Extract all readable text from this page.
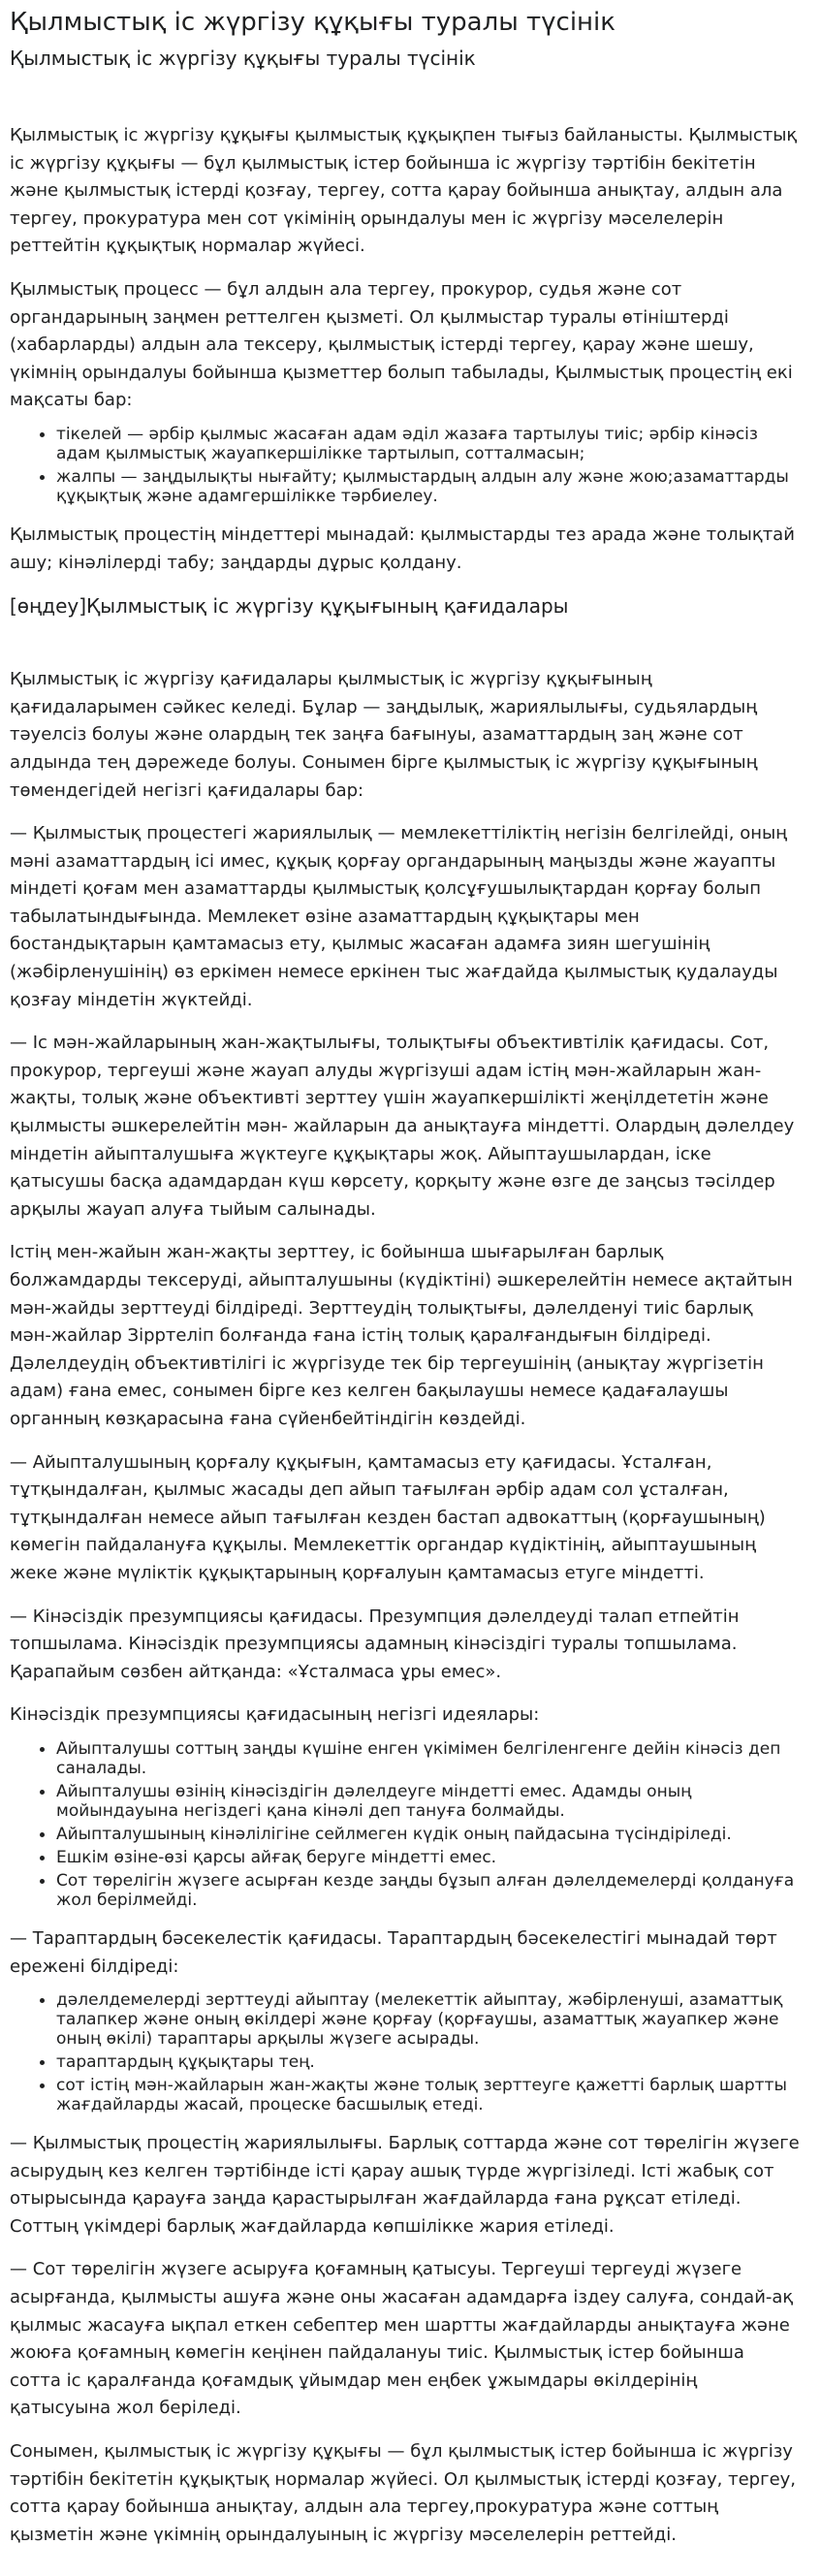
Қылмыстық іс жүргізу құқығы туралы түсінік
Қылмыстық іс жүргізу құқығы туралы түсінік

Қылмыстық іс жүргізу құқығы қылмыстық құқықпен тығыз байланысты. Қылмыстық іс жүргізу құқығы — бұл қылмыстық істер бойынша іс жүргізу тәртібін бекітетін және қылмыстық істерді қозғау, тергеу, сотта қарау бойынша анықтау, алдын ала тергеу, прокуратура мен сот үкімінің орындалуы мен іс жүргізу мәселелерін реттейтін құқықтық нормалар жүйесі.

Қылмыстық процесс — бұл алдын ала тергеу, прокурор, судья және сот органдарының заңмен реттелген қызметі. Ол қылмыстар туралы өтініштерді (хабарларды) алдын ала тексеру, қылмыстық істерді тергеу, қарау және шешу, үкімнің орындалуы бойынша қызметтер болып табылады, Қылмыстық процестің екі мақсаты бар:

• тікелей — әрбір қылмыс жасаған адам әділ жазаға тартылуы тиіс; әрбір кінәсіз адам қылмыстық жауапкершілікке тартылып, сотталмасын;
• жалпы — заңдылықты нығайту; қылмыстардың алдын алу және жою;азаматтарды құқықтық және адамгершілікке тәрбиелеу.

Қылмыстық процестің міндеттері мынадай: қылмыстарды тез арада және толықтай ашу; кінәлілерді табу; заңдарды дұрыс қолдану.

[өңдеу]Қылмыстық іс жүргізу құқығының қағидалары

Қылмыстық іс жүргізу қағидалары қылмыстық іс жүргізу құқығының қағидаларымен сәйкес келеді. Бұлар — заңдылық, жариялылығы, судьялардың тәуелсіз болуы және олардың тек заңға бағынуы, азаматтардың заң және сот алдында тең дәрежеде болуы. Сонымен бірге қылмыстық іс жүргізу құқығының төмендегідей негізгі қағидалары бар:

— Қылмыстық процестегі жариялылық — мемлекеттіліктің негізін белгілейді, оның мәні азаматтардың ісі имес, құқық қорғау органдарының маңызды және жауапты міндеті қоғам мен азаматтарды қылмыстық қолсұғушылықтардан қорғау болып табылатындығында. Мемлекет өзіне азаматтардың құқықтары мен бостандықтарын қамтамасыз ету, қылмыс жасаған адамға зиян шегушінің (жәбірленушінің) өз еркімен немесе еркінен тыс жағдайда қылмыстық қудалауды қозғау міндетін жүктейді.

— Іс мән-жайларының жан-жақтылығы, толықтығы объективтілік қағидасы. Сот, прокурор, тергеуші және жауап алуды жүргізуші адам істің мән-жайларын жан-жақты, толық және объективті зерттеу үшін жауапкершілікті жеңілдететін және қылмысты әшкерелейтін мән- жайларын да анықтауға міндетті. Олардың дәлелдеу міндетін айыпталушыға жүктеуге құқықтары жоқ. Айыптаушылардан, іске қатысушы басқа адамдардан күш көрсету, қорқыту және өзге де заңсыз тәсілдер арқылы жауап алуға тыйым салынады.

Істің мен-жайын жан-жақты зерттеу, іс бойынша шығарылған барлық болжамдарды тексеруді, айыпталушыны (күдіктіні) әшкерелейтін немесе ақтайтын мән-жайды зерттеуді білдіреді. Зерттеудің толықтығы, дәлелденуі тиіс барлық мән-жайлар Зірртелiп болғанда ғана істің толық қаралғандығын білдіреді. Дәлелдеудің объективтілігі іс жүргізуде тек бір тергеушінің (анықтау жүргізетін адам) ғана емес, сонымен бірге кез келген бақылаушы немесе қадағалаушы органның көзқарасына ғана сүйенбейтіндігін көздейді.

— Айыпталушының қорғалу құқығын, қамтамасыз ету қағидасы. Ұсталған, тұтқындалған, қылмыс жасады деп айып тағылған әрбір адам сол ұсталған, тұтқындалған немесе айып тағылған кезден бастап адвокаттың (қорғаушының) көмегін пайдалануға құқылы. Мемлекеттік органдар күдіктінің, айыптаушының жеке және мүліктік құқықтарының қорғалуын қамтамасыз етуге міндетті.

— Кінәсіздік презумпциясы қағидасы. Презумпция дәлелдеуді талап етпейтін топшылама. Кінәсіздік презумпциясы адамның кінәсіздігі туралы топшылама. Қарапайым сөзбен айтқанда: «Ұсталмаса ұры емес».

Кінәсіздік презумпциясы қағидасының негізгі идеялары:

• Айыпталушы соттың заңды күшіне енген үкімімен белгіленгенге дейін кінәсіз деп саналады.
• Айыпталушы өзінің кінәсіздігін дәлелдеуге міндетті емес. Адамды оның мойындауына негіздегі қана кінәлі деп тануға болмайды.
• Айыпталушының кінәлілігіне сейлмеген күдік оның пайдасына түсіндіріледі.
• Ешкім өзіне-өзі қарсы айғақ беруге міндетті емес.
• Сот төрелігін жүзеге асырған кезде заңды бұзып алған дәлелдемелерді қолдануға жол берілмейді.

— Тараптардың бәсекелестік қағидасы. Тараптардың бәсекелестігі мынадай төрт ережені білдіреді:

• дәлелдемелерді зерттеуді айыптау (мелекеттік айыптау, жәбірленуші, азаматтық талапкер және оның өкілдері және қорғау (қорғаушы, азаматтық жауапкер және оның өкілі) тараптары арқылы жүзеге асырады.
• тараптардың құқықтары тең.
• сот істің мән-жайларын жан-жақты және толық зерттеуге қажетті барлық шартты жағдайларды жасай, процеске басшылық етеді.

— Қылмыстық процестің жариялылығы. Барлық соттарда және сот төрелігін жүзеге асырудың кез келген тәртібінде істі қарау ашық түрде жүргізіледі. Істі жабық сот отырысында қарауға заңда қарастырылған жағдайларда ғана рұқсат етіледі. Соттың үкімдері барлық жағдайларда көпшілікке жария етіледі.

— Сот төрелігін жүзеге асыруға қоғамның қатысуы. Тергеуші тергеуді жүзеге асырғанда, қылмысты ашуға және оны жасаған адамдарға іздеу салуға, сондай-ақ қылмыс жасауға ықпал еткен себептер мен шартты жағдайларды анықтауға және жоюға қоғамның көмегін кеңінен пайдалануы тиіс. Қылмыстық істер бойынша сотта іс қаралғанда қоғамдық ұйымдар мен еңбек ұжымдары өкілдерінің қатысуына жол беріледі.

Сонымен, қылмыстық іс жүргізу құқығы — бұл қылмыстық істер бойынша іс жүргізу тәртібін бекітетін құқықтық нормалар жүйесі. Ол қылмыстық істерді қозғау, тергеу, сотта қарау бойынша анықтау, алдын ала тергеу,прокуратура және соттың қызметін және үкімнің орындалуының іс жүргізу мәселелерін реттейді.
